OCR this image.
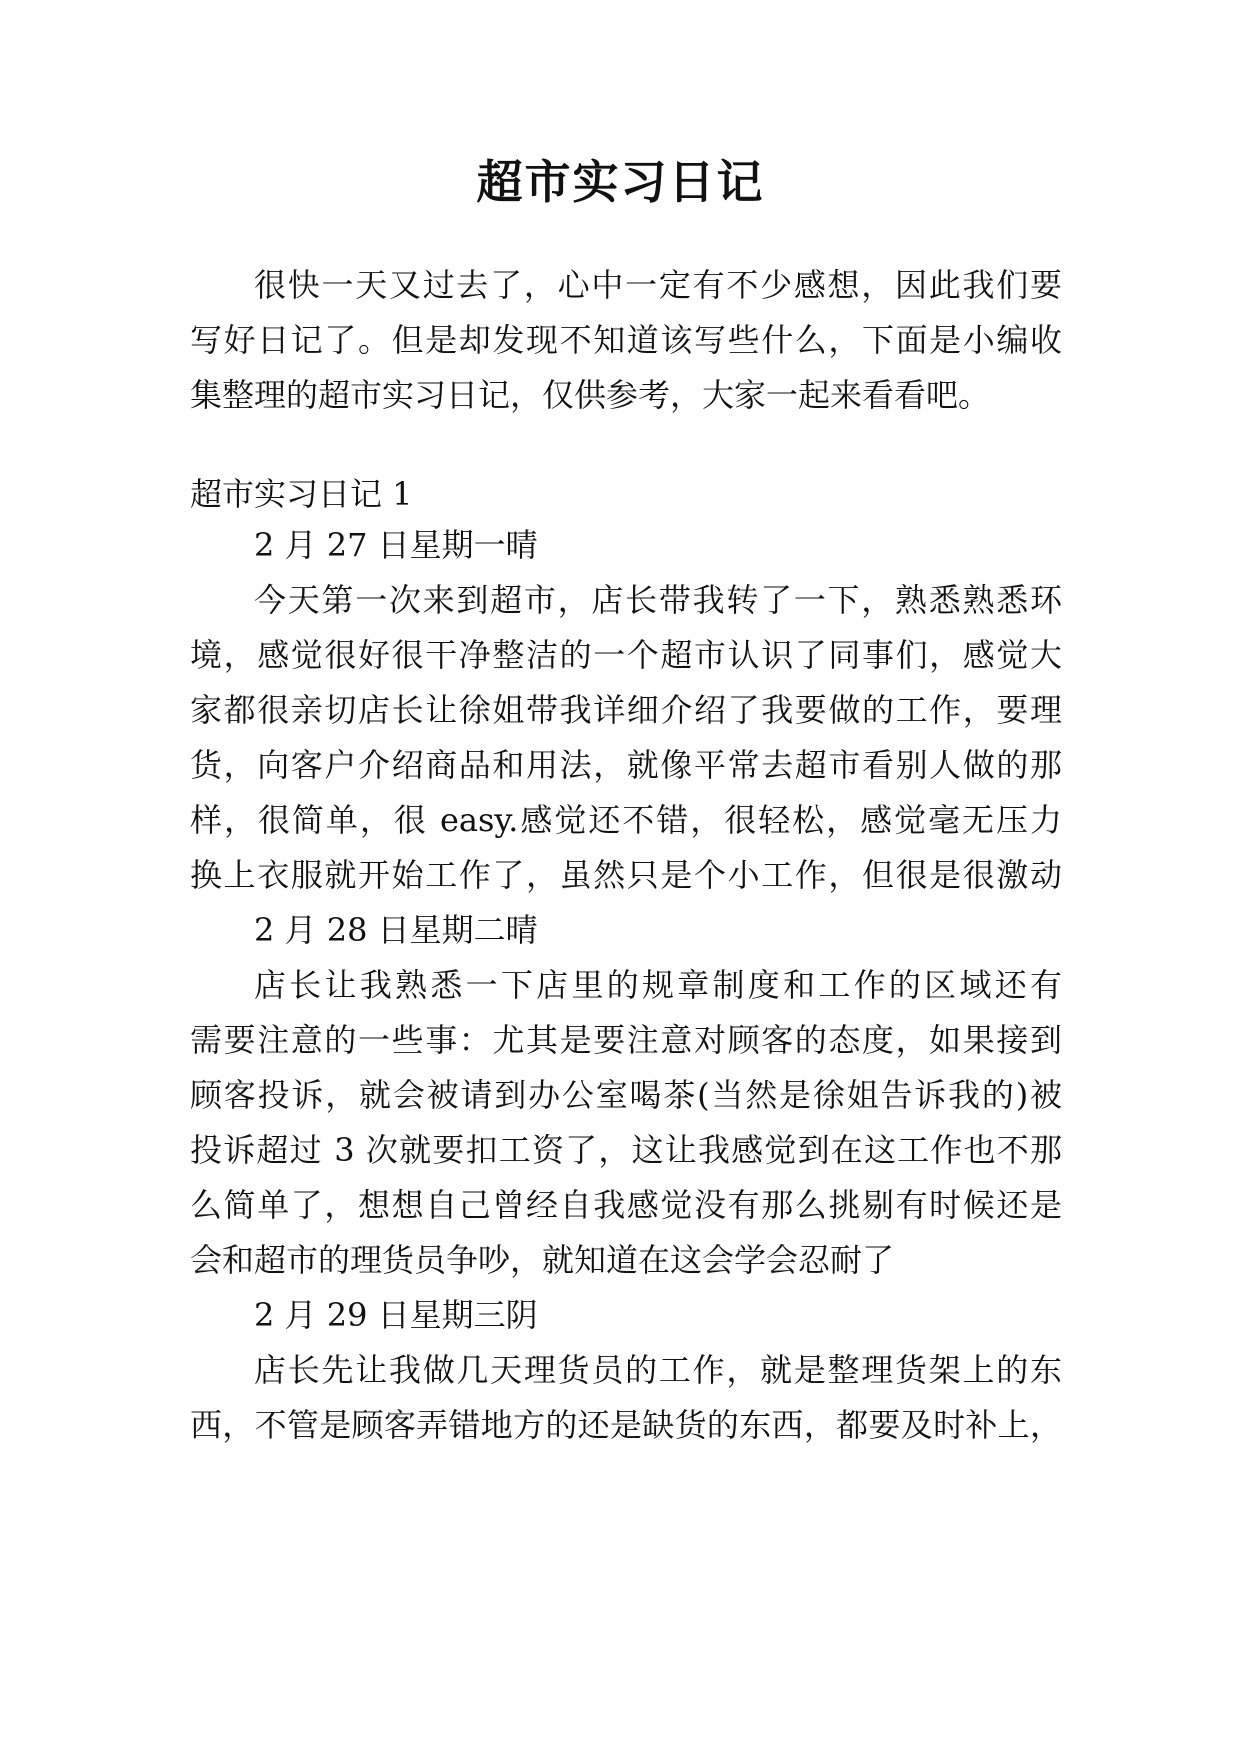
超市实习日记
很快一天又过去了，心中一定有不少感想，因此我们要
写好日记了。但是却发现不知道该写些什么，下面是小编收
集整理的超市实习日记，仅供参考，大家一起来看看吧。
超市实习日记 1
2 月 27 日星期一晴
今天第一次来到超市，店长带我转了一下，熟悉熟悉环
境，感觉很好很干净整洁的一个超市认识了同事们，感觉大
家都很亲切店长让徐姐带我详细介绍了我要做的工作，要理
货，向客户介绍商品和用法，就像平常去超市看别人做的那
样，很简单，很 easy.感觉还不错，很轻松，感觉毫无压力
换上衣服就开始工作了，虽然只是个小工作，但很是很激动
2 月 28 日星期二晴
店长让我熟悉一下店里的规章制度和工作的区域还有
需要注意的一些事：尤其是要注意对顾客的态度，如果接到
顾客投诉，就会被请到办公室喝茶(当然是徐姐告诉我的)被
投诉超过 3 次就要扣工资了，这让我感觉到在这工作也不那
么简单了，想想自己曾经自我感觉没有那么挑剔有时候还是
会和超市的理货员争吵，就知道在这会学会忍耐了
2 月 29 日星期三阴
店长先让我做几天理货员的工作，就是整理货架上的东
西，不管是顾客弄错地方的还是缺货的东西，都要及时补上，
